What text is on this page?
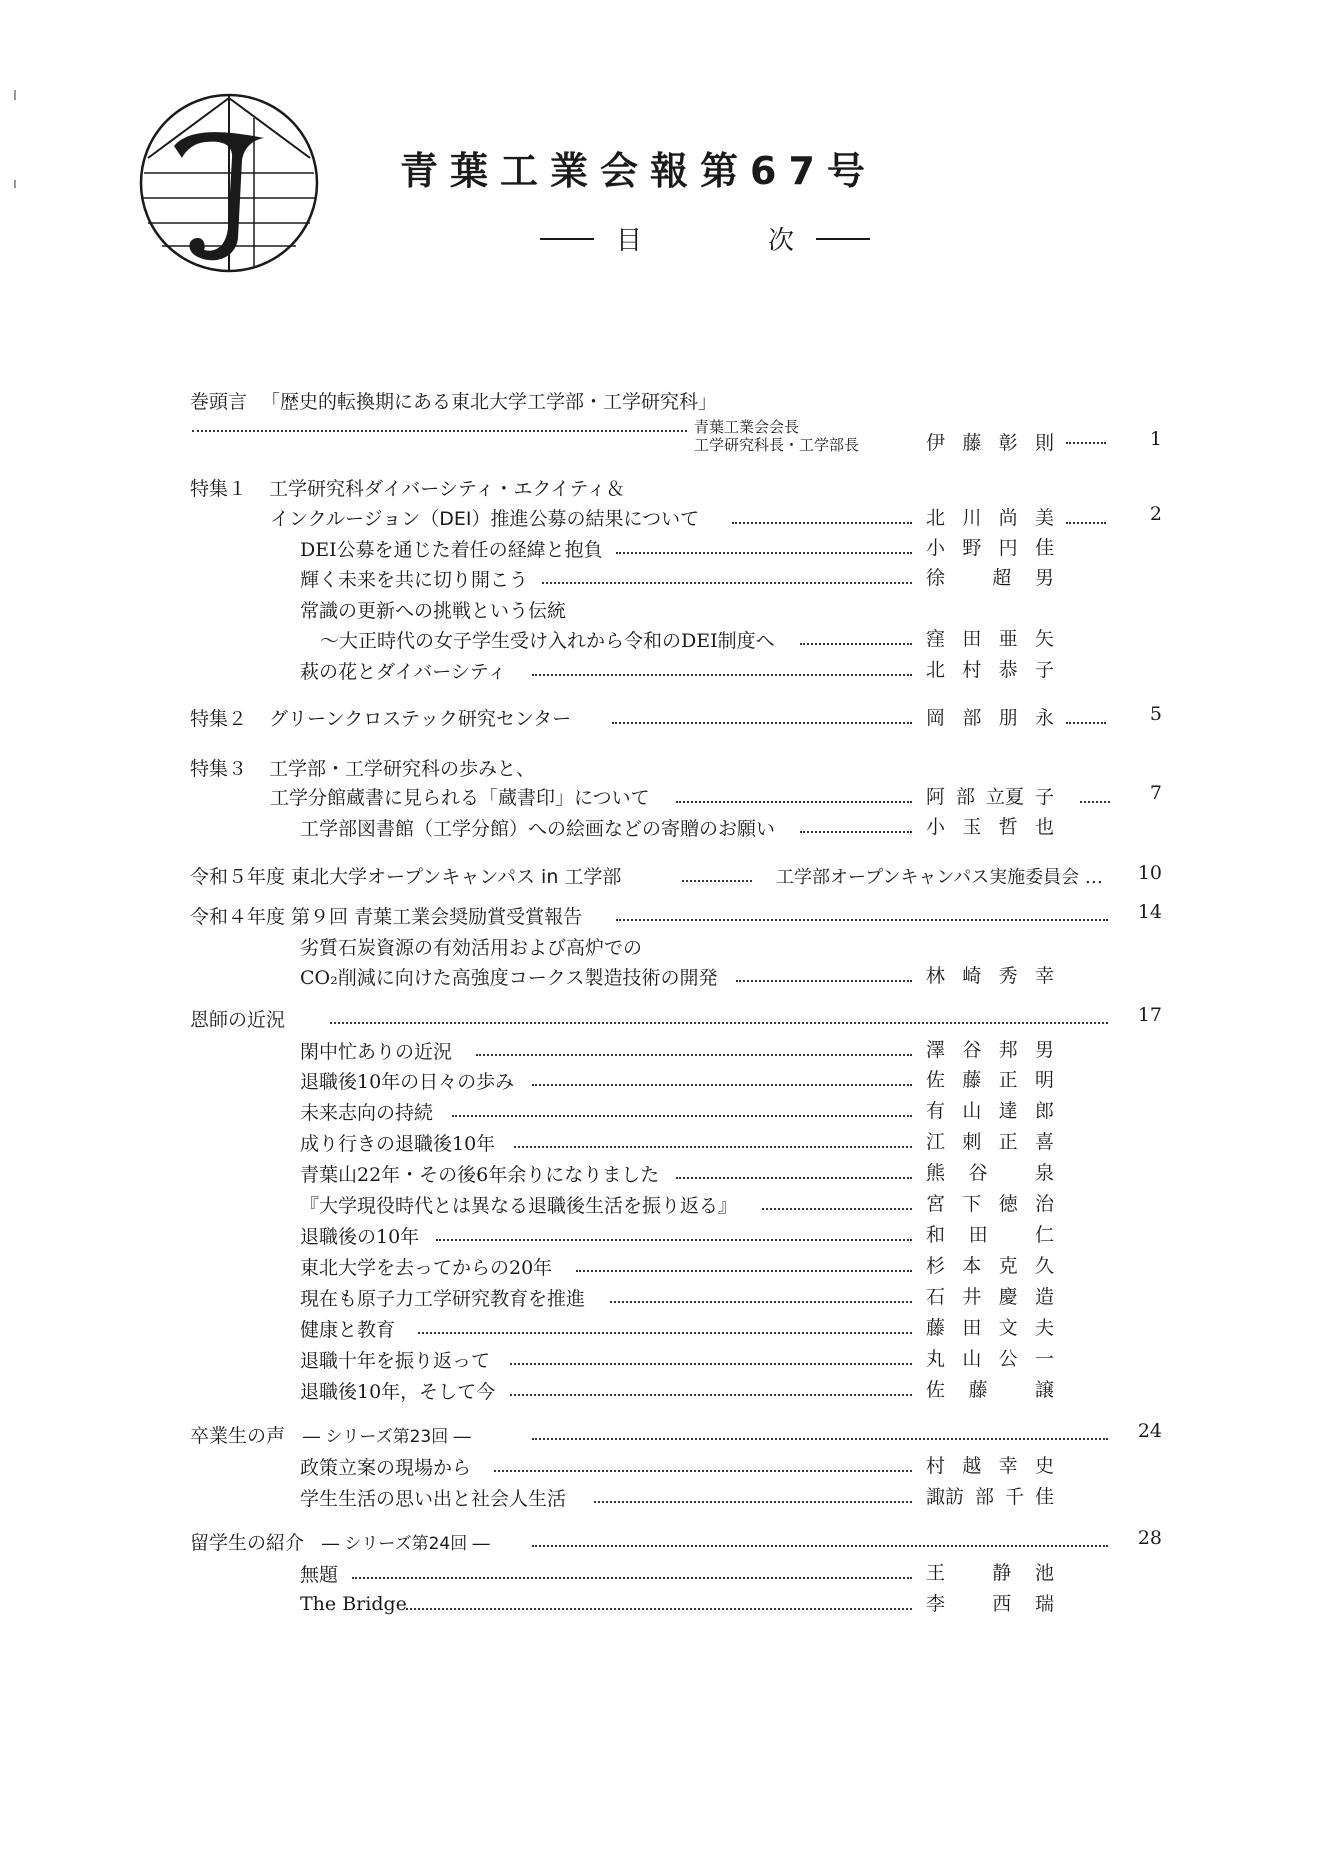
青葉工業会報第67号
目	次
巻頭言 「歴史的転換期にある東北大学工学部・工学研究科」
青葉工業会会長
工学研究科長・工学部長	伊 藤 彰 則	1
特集１ 工学研究科ダイバーシティ・エクイティ＆
インクルージョン（DEI）推進公募の結果について	北 川 尚 美	2
DEI公募を通じた着任の経緯と抱負	小 野 円 佳
輝く未来を共に切り開こう	徐 超 男
常識の更新への挑戦という伝統
〜大正時代の女子学生受け入れから令和のDEI制度へ	窪 田 亜 矢
萩の花とダイバーシティ	北 村 恭 子
特集２ グリーンクロステック研究センター	岡 部 朋 永	5
特集３ 工学部・工学研究科の歩みと、
工学分館蔵書に見られる「蔵書印」について	阿 部 立夏 子	7
工学部図書館（工学分館）への絵画などの寄贈のお願い	小 玉 哲 也
令和５年度 東北大学オープンキャンパス in 工学部	工学部オープンキャンパス実施委員会 …	10
令和４年度 第９回 青葉工業会奨励賞受賞報告	14
劣質石炭資源の有効活用および高炉での
CO₂削減に向けた高強度コークス製造技術の開発	林 崎 秀 幸
恩師の近況	17
閑中忙ありの近況	澤 谷 邦 男
退職後10年の日々の歩み	佐 藤 正 明
未来志向の持続	有 山 達 郎
成り行きの退職後10年	江 刺 正 喜
青葉山22年・その後6年余りになりました	熊 谷 泉
『大学現役時代とは異なる退職後生活を振り返る』	宮 下 徳 治
退職後の10年	和 田 仁
東北大学を去ってからの20年	杉 本 克 久
現在も原子力工学研究教育を推進	石 井 慶 造
健康と教育	藤 田 文 夫
退職十年を振り返って	丸 山 公 一
退職後10年，そして今	佐 藤 譲
卒業生の声 ― シリーズ第23回 ―	24
政策立案の現場から	村 越 幸 史
学生生活の思い出と社会人生活	諏訪 部 千 佳
留学生の紹介 ― シリーズ第24回 ―	28
無題	王 静 池
The Bridge	李 西 瑞
